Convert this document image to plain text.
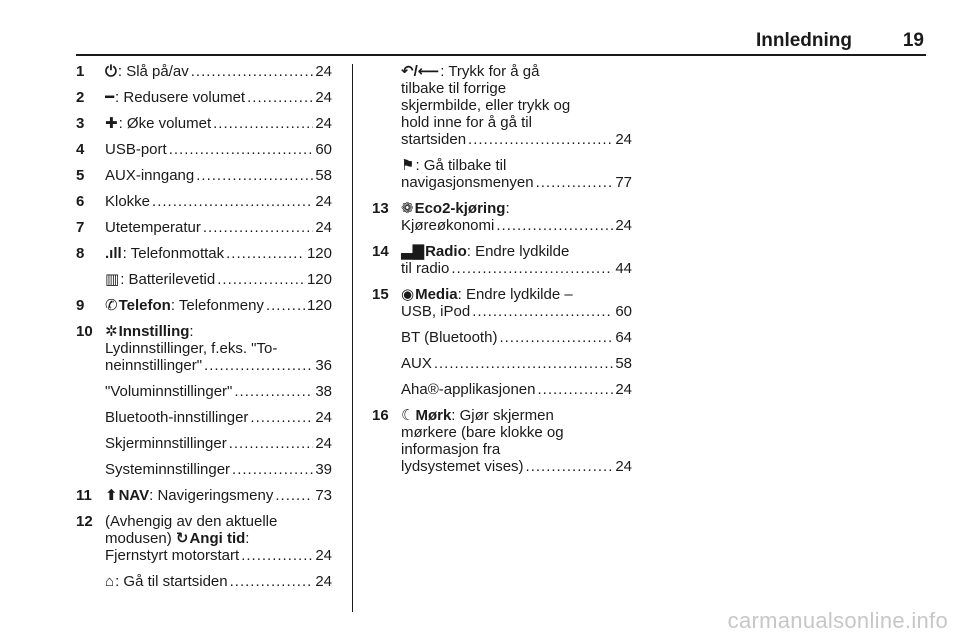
Innledning	19
1	⏻: Slå på/av .....	24
2	━: Redusere volumet .....	24
3	✚: Øke volumet .....	24
4	USB-port .....	60
5	AUX-inngang .....	58
6	Klokke .....	24
7	Utetemperatur .....	24
8	.ıll: Telefonmottak .....	120
▥: Batterilevetid .....	120
9	✆Telefon: Telefonmeny .....	120
10 ✲Innstilling:
Lydinnstillinger, f.eks. "To-
neinnstillinger" .....	36
"Voluminnstillinger" .....	38
Bluetooth-innstillinger .....	24
Skjerminnstillinger .....	24
Systeminnstillinger .....	39
11 ⬆NAV: Navigeringsmeny .....	73
12 (Avhengig av den aktuelle
modusen) ↻Angi tid:
Fjernstyrt motorstart .....	24
⌂: Gå til startsiden .....	24
↶/⟵: Trykk for å gå
tilbake til forrige
skjermbilde, eller trykk og
hold inne for å gå til
startsiden .....	24
⚑: Gå tilbake til
navigasjonsmenyen .....	77
13 ❁Eco2-kjøring:
Kjøreøkonomi .....	24
14 ▃▇Radio: Endre lydkilde
til radio .....	44
15 ◉Media: Endre lydkilde –
USB, iPod .....	60
BT (Bluetooth) .....	64
AUX .....	58
Aha®-applikasjonen .....	24
16 ☾Mørk: Gjør skjermen
mørkere (bare klokke og
informasjon fra
lydsystemet vises) .....	24
carmanualsonline.info
